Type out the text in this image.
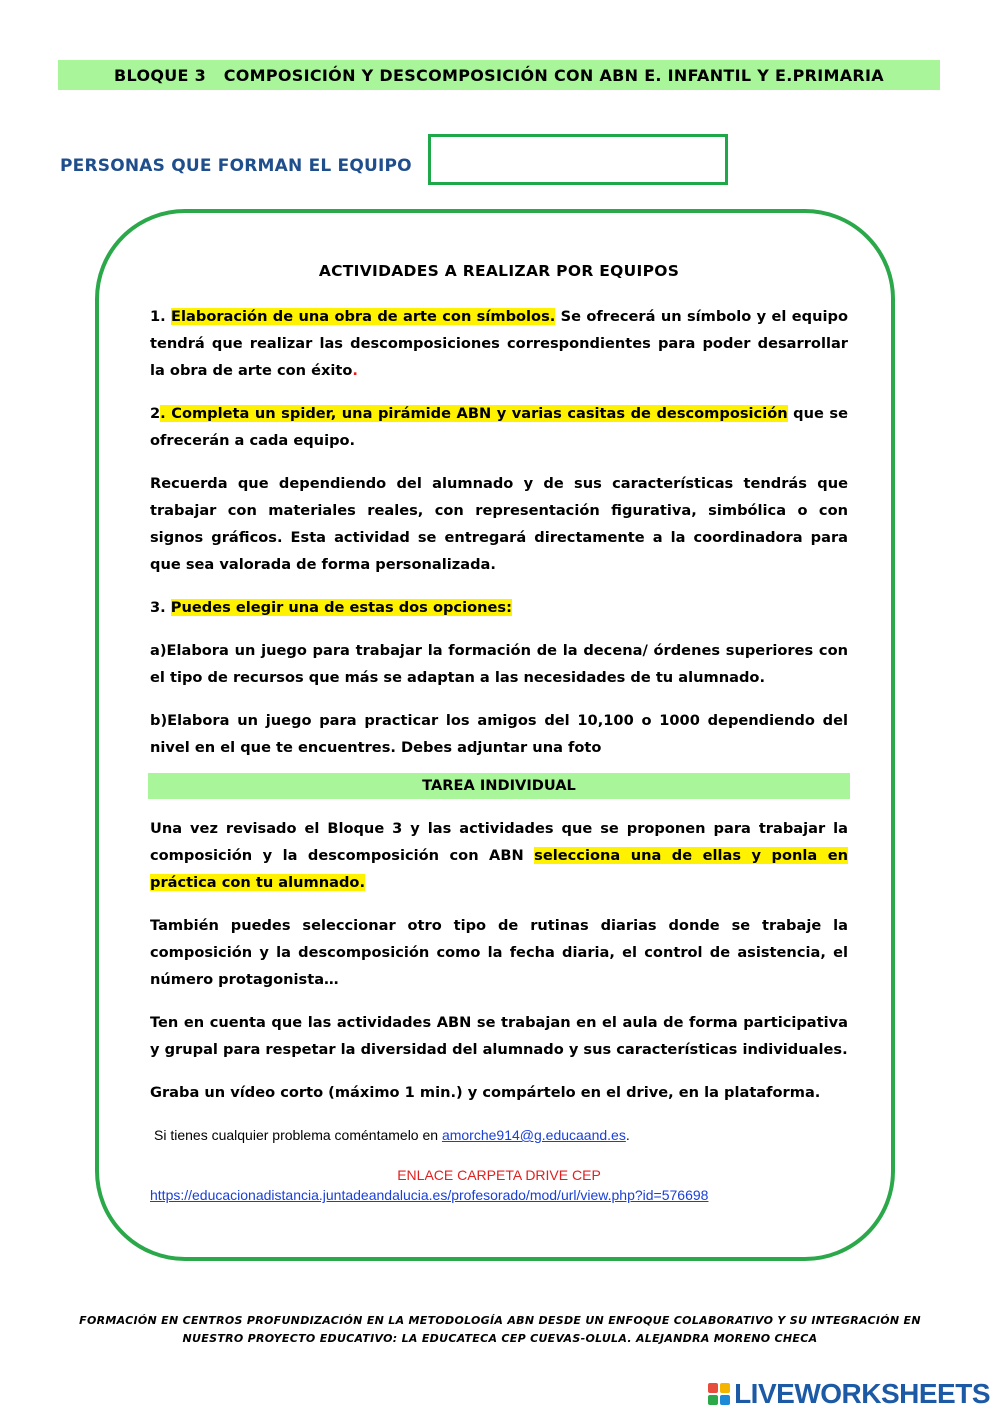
BLOQUE 3   COMPOSICIÓN Y DESCOMPOSICIÓN CON ABN E. INFANTIL Y E.PRIMARIA
PERSONAS QUE FORMAN EL EQUIPO

ACTIVIDADES A REALIZAR POR EQUIPOS

1. Elaboración de una obra de arte con símbolos. Se ofrecerá un símbolo y el equipo tendrá que realizar las descomposiciones correspondientes para poder desarrollar la obra de arte con éxito.

2. Completa un spider, una pirámide ABN y varias casitas de descomposición que se ofrecerán a cada equipo.

Recuerda que dependiendo del alumnado y de sus características tendrás que trabajar con materiales reales, con representación figurativa, simbólica o con signos gráficos. Esta actividad se entregará directamente a la coordinadora para que sea valorada de forma personalizada.

3. Puedes elegir una de estas dos opciones:

a)Elabora un juego para trabajar la formación de la decena/ órdenes superiores con el tipo de recursos que más se adaptan a las necesidades de tu alumnado.

b)Elabora un juego para practicar los amigos del 10,100 o 1000 dependiendo del nivel en el que te encuentres. Debes adjuntar una foto

TAREA INDIVIDUAL

Una vez revisado el Bloque 3 y las actividades que se proponen para trabajar la composición y la descomposición con ABN selecciona una de ellas y ponla en práctica con tu alumnado.

También puedes seleccionar otro tipo de rutinas diarias donde se trabaje la composición y la descomposición como la fecha diaria, el control de asistencia, el número protagonista…

Ten en cuenta que las actividades ABN se trabajan en el aula de forma participativa y grupal para respetar la diversidad del alumnado y sus características individuales.

Graba un vídeo corto (máximo 1 min.) y compártelo en el drive, en la plataforma.

Si tienes cualquier problema coméntamelo en amorche914@g.educaand.es.

ENLACE CARPETA DRIVE CEP

https://educacionadistancia.juntadeandalucia.es/profesorado/mod/url/view.php?id=576698

FORMACIÓN EN CENTROS PROFUNDIZACIÓN EN LA METODOLOGÍA ABN DESDE UN ENFOQUE COLABORATIVO Y SU INTEGRACIÓN EN
NUESTRO PROYECTO EDUCATIVO: LA EDUCATECA CEP CUEVAS-OLULA. ALEJANDRA MORENO CHECA
LIVEWORKSHEETS
